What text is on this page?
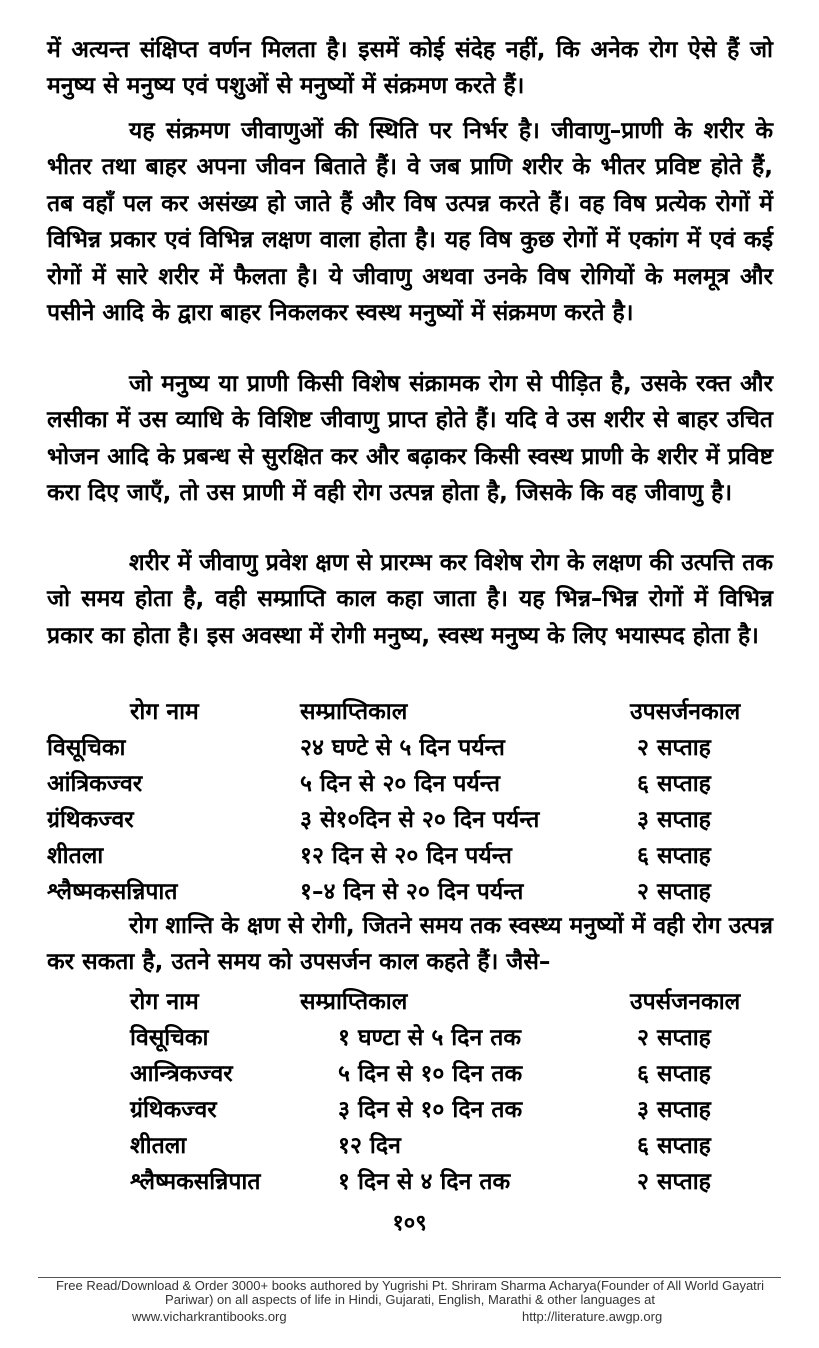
में अत्यन्त संक्षिप्त वर्णन मिलता है। इसमें कोई संदेह नहीं, कि अनेक रोग ऐसे हैं जो मनुष्य से मनुष्य एवं पशुओं से मनुष्यों में संक्रमण करते हैं।

यह संक्रमण जीवाणुओं की स्थिति पर निर्भर है। जीवाणु–प्राणी के शरीर के भीतर तथा बाहर अपना जीवन बिताते हैं। वे जब प्राणि शरीर के भीतर प्रविष्ट होते हैं, तब वहाँ पल कर असंख्य हो जाते हैं और विष उत्पन्न करते हैं। वह विष प्रत्येक रोगों में विभिन्न प्रकार एवं विभिन्न लक्षण वाला होता है। यह विष कुछ रोगों में एकांग में एवं कई रोगों में सारे शरीर में फैलता है। ये जीवाणु अथवा उनके विष रोगियों के मलमूत्र और पसीने आदि के द्वारा बाहर निकलकर स्वस्थ मनुष्यों में संक्रमण करते है।

जो मनुष्य या प्राणी किसी विशेष संक्रामक रोग से पीड़ित है, उसके रक्त और लसीका में उस व्याधि के विशिष्ट जीवाणु प्राप्त होते हैं। यदि वे उस शरीर से बाहर उचित भोजन आदि के प्रबन्ध से सुरक्षित कर और बढ़ाकर किसी स्वस्थ प्राणी के शरीर में प्रविष्ट करा दिए जाएँ, तो उस प्राणी में वही रोग उत्पन्न होता है, जिसके कि वह जीवाणु है।

शरीर में जीवाणु प्रवेश क्षण से प्रारम्भ कर विशेष रोग के लक्षण की उत्पत्ति तक जो समय होता है, वही सम्प्राप्ति काल कहा जाता है। यह भिन्न–भिन्न रोगों में विभिन्न प्रकार का होता है। इस अवस्था में रोगी मनुष्य, स्वस्थ मनुष्य के लिए भयास्पद होता है।

रोग नाम	सम्प्राप्तिकाल	उपसर्जनकाल
विसूचिका	२४ घण्टे से ५ दिन पर्यन्त	२ सप्ताह
आंत्रिकज्वर	५ दिन से २० दिन पर्यन्त	६ सप्ताह
ग्रंथिकज्वर	३ से१०दिन से २० दिन पर्यन्त	३ सप्ताह
शीतला	१२ दिन से २० दिन पर्यन्त	६ सप्ताह
श्लैष्मकसन्निपात	१–४ दिन से २० दिन पर्यन्त	२ सप्ताह

रोग शान्ति के क्षण से रोगी, जितने समय तक स्वस्थ्य मनुष्यों में वही रोग उत्पन्न कर सकता है, उतने समय को उपसर्जन काल कहते हैं। जैसे–

रोग नाम	सम्प्राप्तिकाल	उपर्सजनकाल
विसूचिका	१ घण्टा से ५ दिन तक	२ सप्ताह
आन्त्रिकज्वर	५ दिन से १० दिन तक	६ सप्ताह
ग्रंथिकज्वर	३ दिन से १० दिन तक	३ सप्ताह
शीतला	१२ दिन	६ सप्ताह
श्लैष्मकसन्निपात	१ दिन से ४ दिन तक	२ सप्ताह
१०९
Free Read/Download & Order 3000+ books authored by Yugrishi Pt. Shriram Sharma Acharya(Founder of All World Gayatri Pariwar) on all aspects of life in Hindi, Gujarati, English, Marathi & other languages at
www.vicharkrantibooks.org	http://literature.awgp.org
